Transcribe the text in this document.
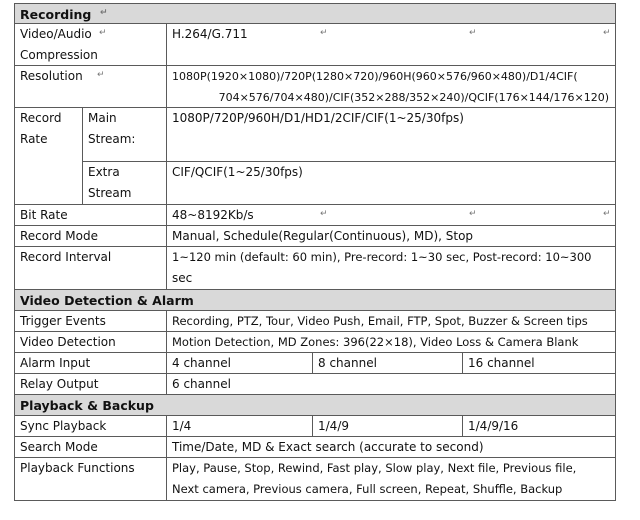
Recording
↵
Video/Audio
Compression
↵
H.264/G.711
↵
↵
↵
Resolution
↵	1080P(1920×1080)/720P(1280×720)/960H(960×576/960×480)/D1/4CIF(
704×576/704×480)/CIF(352×288/352×240)/QCIF(176×144/176×120)
Record
Rate
Main
Stream:
1080P/720P/960H/D1/HD1/2CIF/CIF(1~25/30fps)
Extra
Stream
CIF/QCIF(1~25/30fps)
Bit Rate	48~8192Kb/s
↵
↵
↵
Record Mode	Manual, Schedule(Regular(Continuous), MD), Stop
Record Interval	1~120 min (default: 60 min), Pre-record: 1~30 sec, Post-record: 10~300
sec
Video Detection & Alarm
Trigger Events	Recording, PTZ, Tour, Video Push, Email, FTP, Spot, Buzzer & Screen tips
Video Detection	Motion Detection, MD Zones: 396(22×18), Video Loss & Camera Blank
Alarm Input	4 channel	8 channel	16 channel
Relay Output	6 channel
Playback & Backup
Sync Playback	1/4	1/4/9	1/4/9/16
Search Mode	Time/Date, MD & Exact search (accurate to second)
Playback Functions	Play, Pause, Stop, Rewind, Fast play, Slow play, Next file, Previous file,
Next camera, Previous camera, Full screen, Repeat, Shuffle, Backup
